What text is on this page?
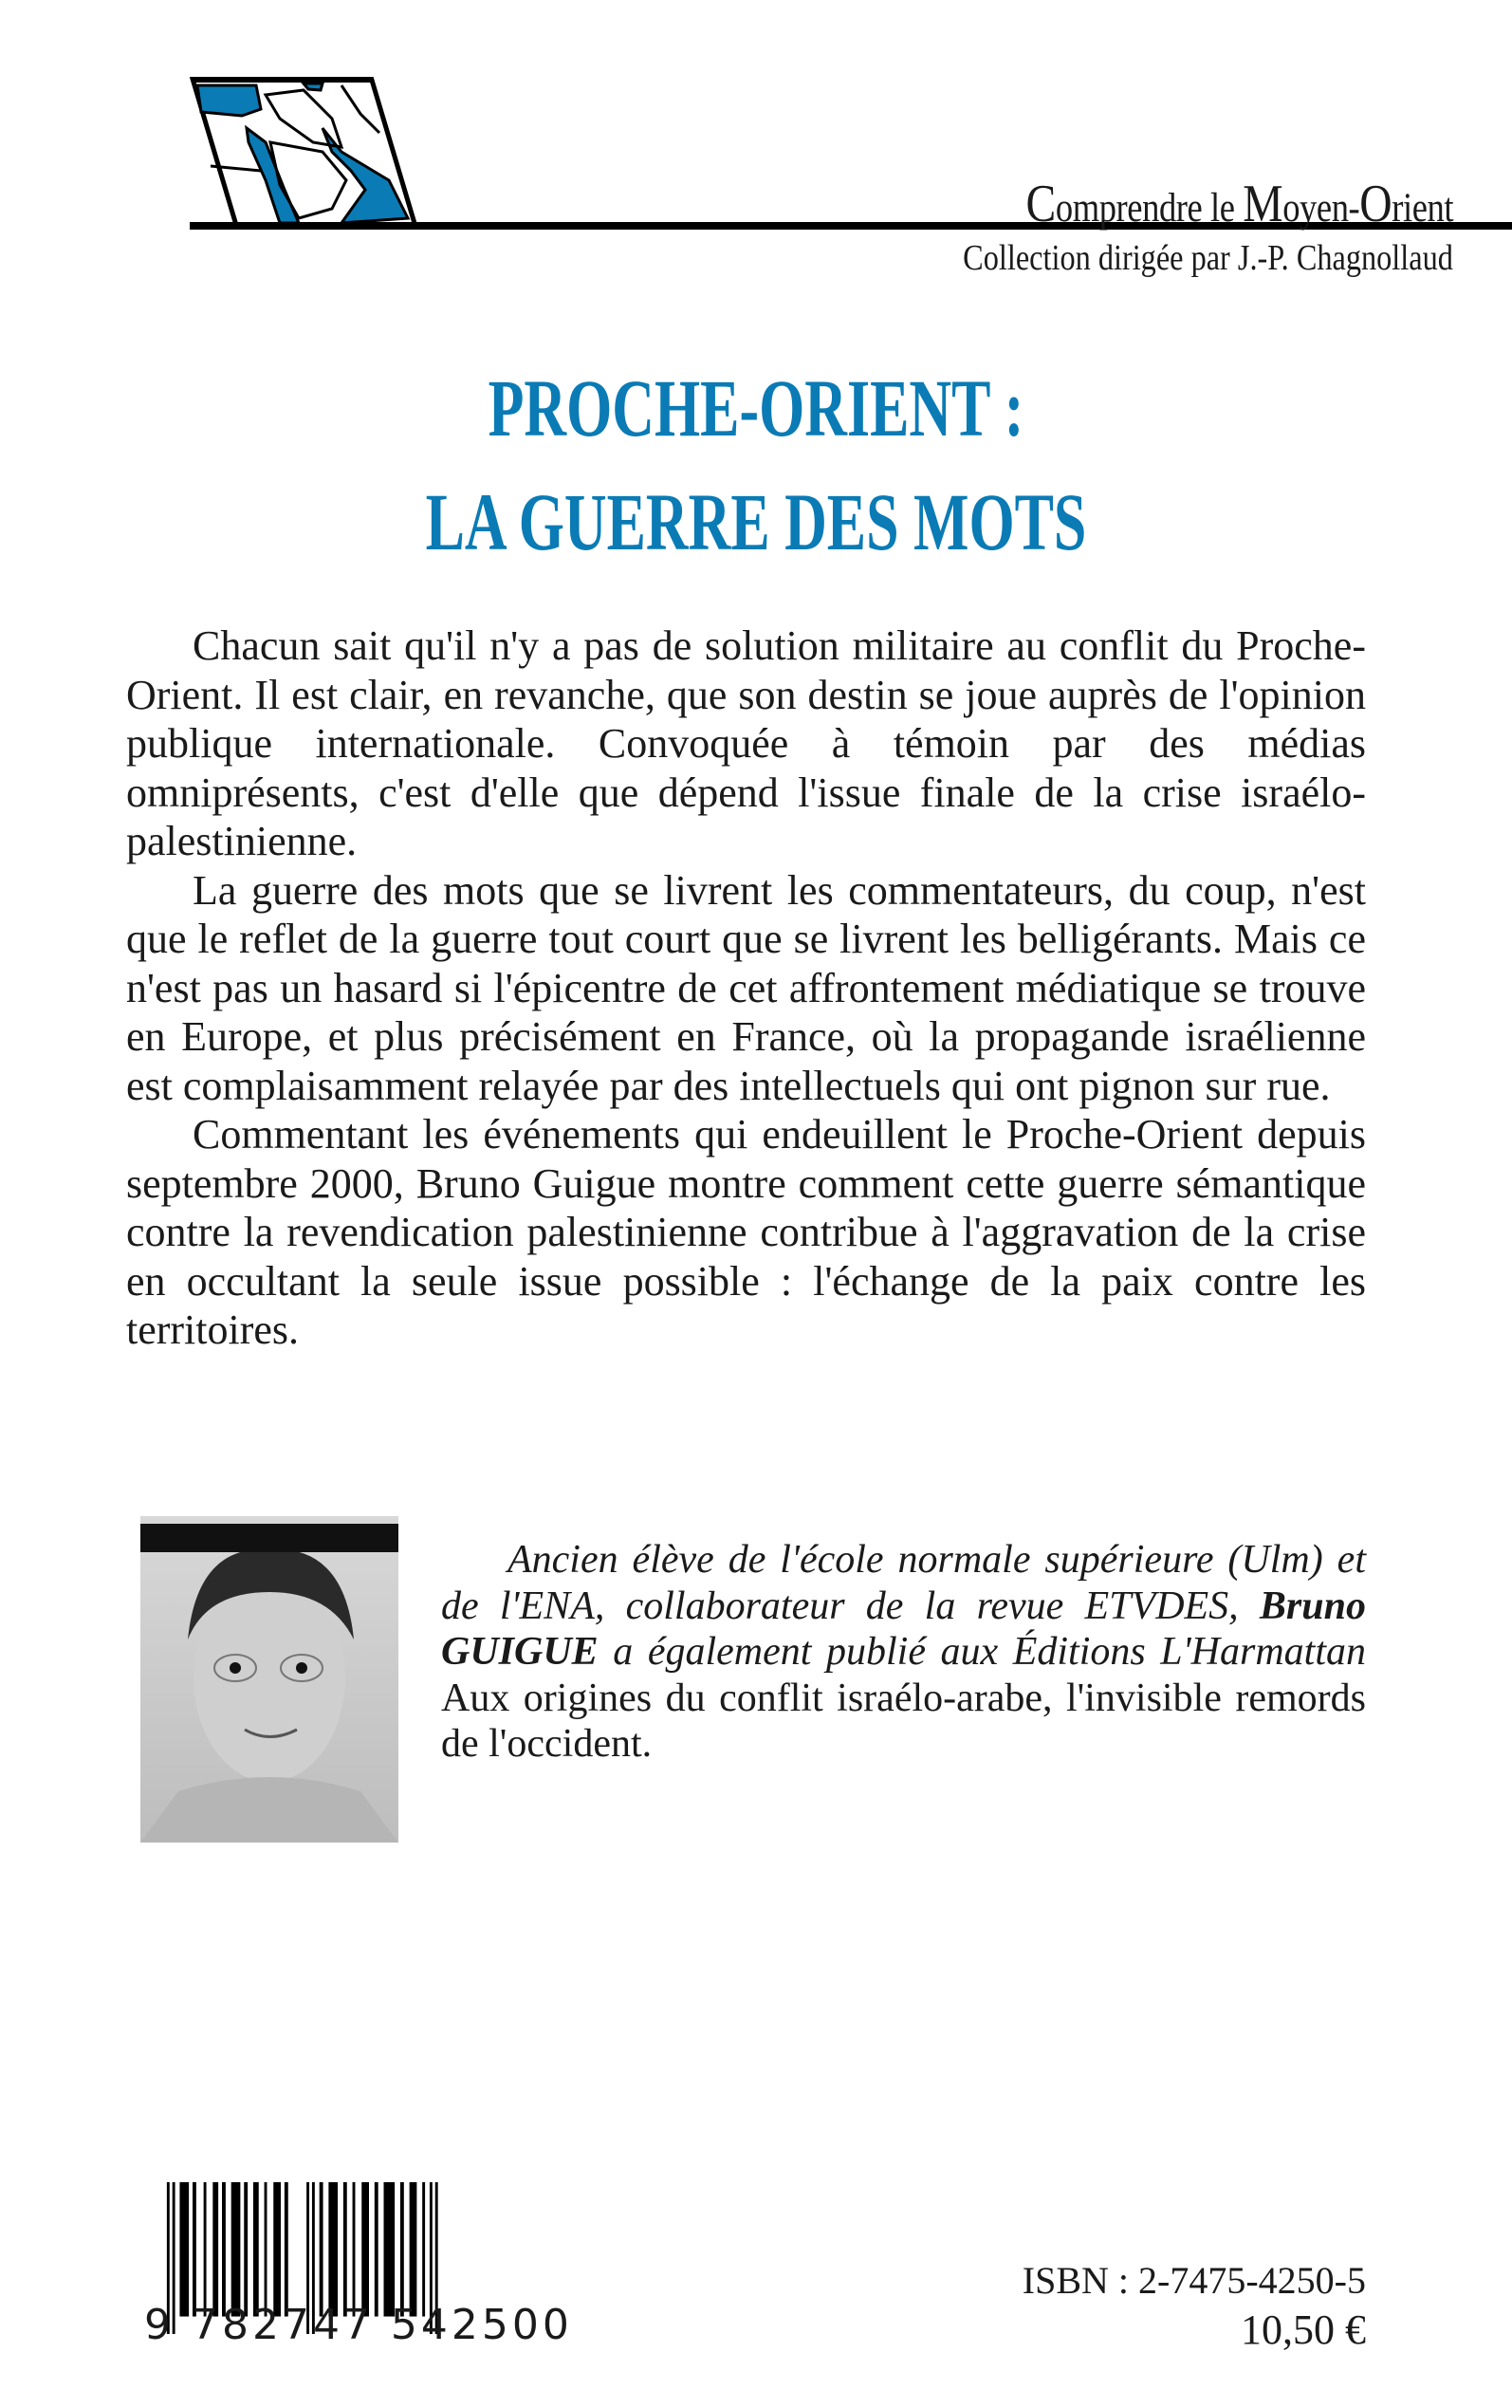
Comprendre le Moyen-Orient
Collection dirigée par J.-P. Chagnollaud
PROCHE-ORIENT :
LA GUERRE DES MOTS

Chacun sait qu'il n'y a pas de solution militaire au conflit du Proche-Orient. Il est clair, en revanche, que son destin se joue auprès de l'opinion publique internationale. Convoquée à témoin par des médias omniprésents, c'est d'elle que dépend l'issue finale de la crise israélo-palestinienne.

La guerre des mots que se livrent les commentateurs, du coup, n'est que le reflet de la guerre tout court que se livrent les belligérants. Mais ce n'est pas un hasard si l'épicentre de cet affrontement médiatique se trouve en Europe, et plus précisément en France, où la propagande israélienne est complaisamment relayée par des intellectuels qui ont pignon sur rue.

Commentant les événements qui endeuillent le Proche-Orient depuis septembre 2000, Bruno Guigue montre comment cette guerre sémantique contre la revendication palestinienne contribue à l'aggravation de la crise en occultant la seule issue possible : l'échange de la paix contre les territoires.

Ancien élève de l'école normale supérieure (Ulm) et de l'ENA, collaborateur de la revue ETVDES, Bruno GUIGUE a également publié aux Éditions L'Harmattan Aux origines du conflit israélo-arabe, l'invisible remords de l'occident.
9 782747 542500
ISBN : 2-7475-4250-5
10,50 €
